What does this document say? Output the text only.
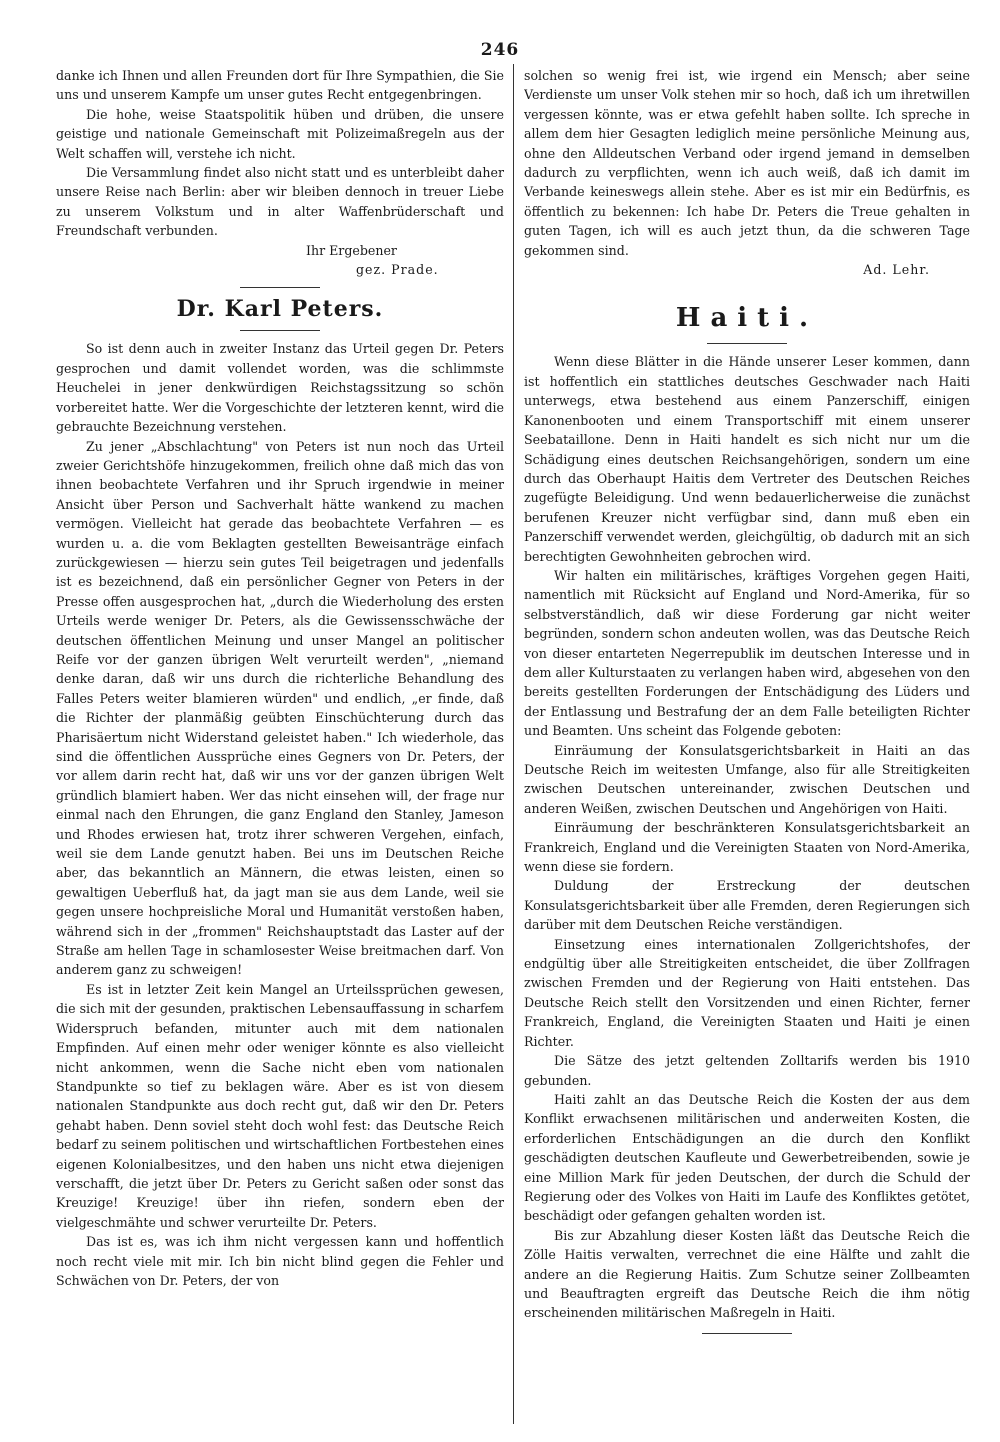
246

danke ich Ihnen und allen Freunden dort für Ihre Sympathien, die Sie uns und unserem Kampfe um unser gutes Recht entgegenbringen.

Die hohe, weise Staatspolitik hüben und drüben, die unsere geistige und nationale Gemeinschaft mit Polizeimaßregeln aus der Welt schaffen will, verstehe ich nicht.

Die Versammlung findet also nicht statt und es unterbleibt daher unsere Reise nach Berlin: aber wir bleiben dennoch in treuer Liebe zu unserem Volkstum und in alter Waffenbrüderschaft und Freundschaft verbunden.

Ihr Ergebener
gez. Prade.
Dr. Karl Peters.

So ist denn auch in zweiter Instanz das Urteil gegen Dr. Peters gesprochen und damit vollendet worden, was die schlimmste Heuchelei in jener denkwürdigen Reichstagssitzung so schön vorbereitet hatte. Wer die Vorgeschichte der letzteren kennt, wird die gebrauchte Bezeichnung verstehen.

Zu jener „Abschlachtung" von Peters ist nun noch das Urteil zweier Gerichtshöfe hinzugekommen, freilich ohne daß mich das von ihnen beobachtete Verfahren und ihr Spruch irgendwie in meiner Ansicht über Person und Sachverhalt hätte wankend zu machen vermögen. Vielleicht hat gerade das beobachtete Verfahren — es wurden u. a. die vom Beklagten gestellten Beweisanträge einfach zurückgewiesen — hierzu sein gutes Teil beigetragen und jedenfalls ist es bezeichnend, daß ein persönlicher Gegner von Peters in der Presse offen ausgesprochen hat, „durch die Wiederholung des ersten Urteils werde weniger Dr. Peters, als die Gewissensschwäche der deutschen öffentlichen Meinung und unser Mangel an politischer Reife vor der ganzen übrigen Welt verurteilt werden", „niemand denke daran, daß wir uns durch die richterliche Behandlung des Falles Peters weiter blamieren würden" und endlich, „er finde, daß die Richter der planmäßig geübten Einschüchterung durch das Pharisäertum nicht Widerstand geleistet haben." Ich wiederhole, das sind die öffentlichen Aussprüche eines Gegners von Dr. Peters, der vor allem darin recht hat, daß wir uns vor der ganzen übrigen Welt gründlich blamiert haben. Wer das nicht einsehen will, der frage nur einmal nach den Ehrungen, die ganz England den Stanley, Jameson und Rhodes erwiesen hat, trotz ihrer schweren Vergehen, einfach, weil sie dem Lande genutzt haben. Bei uns im Deutschen Reiche aber, das bekanntlich an Männern, die etwas leisten, einen so gewaltigen Ueberfluß hat, da jagt man sie aus dem Lande, weil sie gegen unsere hochpreisliche Moral und Humanität verstoßen haben, während sich in der „frommen" Reichshauptstadt das Laster auf der Straße am hellen Tage in schamlosester Weise breitmachen darf. Von anderem ganz zu schweigen!

Es ist in letzter Zeit kein Mangel an Urteilssprüchen gewesen, die sich mit der gesunden, praktischen Lebensauffassung in scharfem Widerspruch befanden, mitunter auch mit dem nationalen Empfinden. Auf einen mehr oder weniger könnte es also vielleicht nicht ankommen, wenn die Sache nicht eben vom nationalen Standpunkte so tief zu beklagen wäre. Aber es ist von diesem nationalen Standpunkte aus doch recht gut, daß wir den Dr. Peters gehabt haben. Denn soviel steht doch wohl fest: das Deutsche Reich bedarf zu seinem politischen und wirtschaftlichen Fortbestehen eines eigenen Kolonialbesitzes, und den haben uns nicht etwa diejenigen verschafft, die jetzt über Dr. Peters zu Gericht saßen oder sonst das Kreuzige! Kreuzige! über ihn riefen, sondern eben der vielgeschmähte und schwer verurteilte Dr. Peters.

Das ist es, was ich ihm nicht vergessen kann und hoffentlich noch recht viele mit mir. Ich bin nicht blind gegen die Fehler und Schwächen von Dr. Peters, der von

solchen so wenig frei ist, wie irgend ein Mensch; aber seine Verdienste um unser Volk stehen mir so hoch, daß ich um ihretwillen vergessen könnte, was er etwa gefehlt haben sollte. Ich spreche in allem dem hier Gesagten lediglich meine persönliche Meinung aus, ohne den Alldeutschen Verband oder irgend jemand in demselben dadurch zu verpflichten, wenn ich auch weiß, daß ich damit im Verbande keineswegs allein stehe. Aber es ist mir ein Bedürfnis, es öffentlich zu bekennen: Ich habe Dr. Peters die Treue gehalten in guten Tagen, ich will es auch jetzt thun, da die schweren Tage gekommen sind.

Ad. Lehr.
Haiti.

Wenn diese Blätter in die Hände unserer Leser kommen, dann ist hoffentlich ein stattliches deutsches Geschwader nach Haiti unterwegs, etwa bestehend aus einem Panzerschiff, einigen Kanonenbooten und einem Transportschiff mit einem unserer Seebataillone. Denn in Haiti handelt es sich nicht nur um die Schädigung eines deutschen Reichsangehörigen, sondern um eine durch das Oberhaupt Haitis dem Vertreter des Deutschen Reiches zugefügte Beleidigung. Und wenn bedauerlicherweise die zunächst berufenen Kreuzer nicht verfügbar sind, dann muß eben ein Panzerschiff verwendet werden, gleichgültig, ob dadurch mit an sich berechtigten Gewohnheiten gebrochen wird.

Wir halten ein militärisches, kräftiges Vorgehen gegen Haiti, namentlich mit Rücksicht auf England und Nord-Amerika, für so selbstverständlich, daß wir diese Forderung gar nicht weiter begründen, sondern schon andeuten wollen, was das Deutsche Reich von dieser entarteten Negerrepublik im deutschen Interesse und in dem aller Kulturstaaten zu verlangen haben wird, abgesehen von den bereits gestellten Forderungen der Entschädigung des Lüders und der Entlassung und Bestrafung der an dem Falle beteiligten Richter und Beamten. Uns scheint das Folgende geboten:

Einräumung der Konsulatsgerichtsbarkeit in Haiti an das Deutsche Reich im weitesten Umfange, also für alle Streitigkeiten zwischen Deutschen untereinander, zwischen Deutschen und anderen Weißen, zwischen Deutschen und Angehörigen von Haiti.

Einräumung der beschränkteren Konsulatsgerichtsbarkeit an Frankreich, England und die Vereinigten Staaten von Nord-Amerika, wenn diese sie fordern.

Duldung der Erstreckung der deutschen Konsulatsgerichtsbarkeit über alle Fremden, deren Regierungen sich darüber mit dem Deutschen Reiche verständigen.

Einsetzung eines internationalen Zollgerichtshofes, der endgültig über alle Streitigkeiten entscheidet, die über Zollfragen zwischen Fremden und der Regierung von Haiti entstehen. Das Deutsche Reich stellt den Vorsitzenden und einen Richter, ferner Frankreich, England, die Vereinigten Staaten und Haiti je einen Richter.

Die Sätze des jetzt geltenden Zolltarifs werden bis 1910 gebunden.

Haiti zahlt an das Deutsche Reich die Kosten der aus dem Konflikt erwachsenen militärischen und anderweiten Kosten, die erforderlichen Entschädigungen an die durch den Konflikt geschädigten deutschen Kaufleute und Gewerbetreibenden, sowie je eine Million Mark für jeden Deutschen, der durch die Schuld der Regierung oder des Volkes von Haiti im Laufe des Konfliktes getötet, beschädigt oder gefangen gehalten worden ist.

Bis zur Abzahlung dieser Kosten läßt das Deutsche Reich die Zölle Haitis verwalten, verrechnet die eine Hälfte und zahlt die andere an die Regierung Haitis. Zum Schutze seiner Zollbeamten und Beauftragten ergreift das Deutsche Reich die ihm nötig erscheinenden militärischen Maßregeln in Haiti.
